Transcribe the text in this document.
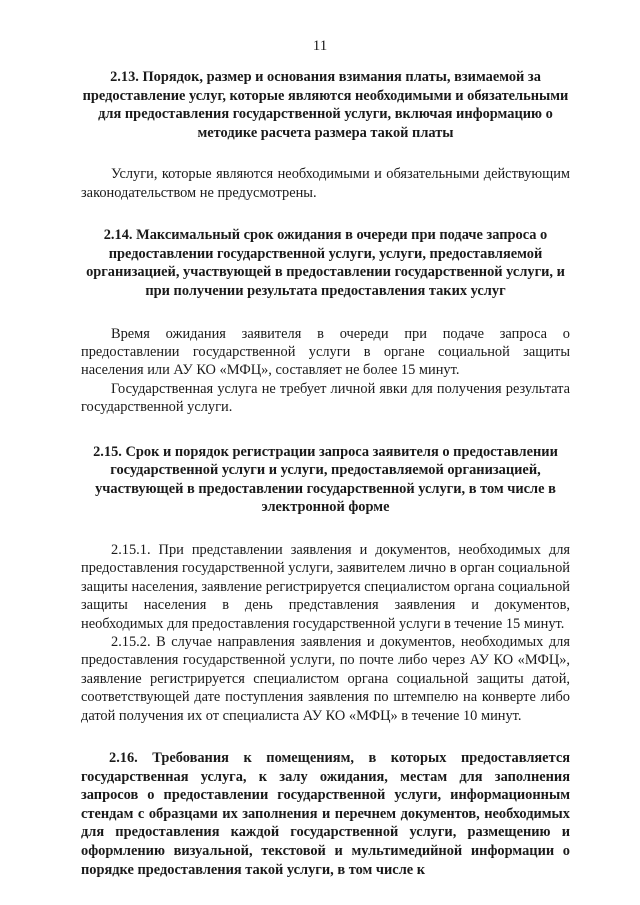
11

2.13. Порядок, размер и основания взимания платы, взимаемой за предоставление услуг, которые являются необходимыми и обязательными для предоставления государственной услуги, включая информацию о методике расчета размера такой платы

Услуги, которые являются необходимыми и обязательными действующим законодательством не предусмотрены.

2.14. Максимальный срок ожидания в очереди при подаче запроса о предоставлении государственной услуги, услуги, предоставляемой организацией, участвующей в предоставлении государственной услуги, и при получении результата предоставления таких услуг

Время ожидания заявителя в очереди при подаче запроса о предоставлении государственной услуги в органе социальной защиты населения или АУ КО «МФЦ», составляет не более 15 минут.

Государственная услуга не требует личной явки для получения результата государственной услуги.

2.15. Срок и порядок регистрации запроса заявителя о предоставлении государственной услуги и услуги, предоставляемой организацией, участвующей в предоставлении государственной услуги, в том числе в электронной форме

2.15.1. При представлении заявления и документов, необходимых для предоставления государственной услуги, заявителем лично в орган социальной защиты населения, заявление регистрируется специалистом органа социальной защиты населения в день представления заявления и документов, необходимых для предоставления государственной услуги в течение 15 минут.

2.15.2. В случае направления заявления и документов, необходимых для предоставления государственной услуги, по почте либо через АУ КО «МФЦ», заявление регистрируется специалистом органа социальной защиты датой, соответствующей дате поступления заявления по штемпелю на конверте либо датой получения их от специалиста АУ КО «МФЦ» в течение 10 минут.

2.16. Требования к помещениям, в которых предоставляется государственная услуга, к залу ожидания, местам для заполнения запросов о предоставлении государственной услуги, информационным стендам с образцами их заполнения и перечнем документов, необходимых для предоставления каждой государственной услуги, размещению и оформлению визуальной, текстовой и мультимедийной информации о порядке предоставления такой услуги, в том числе к
